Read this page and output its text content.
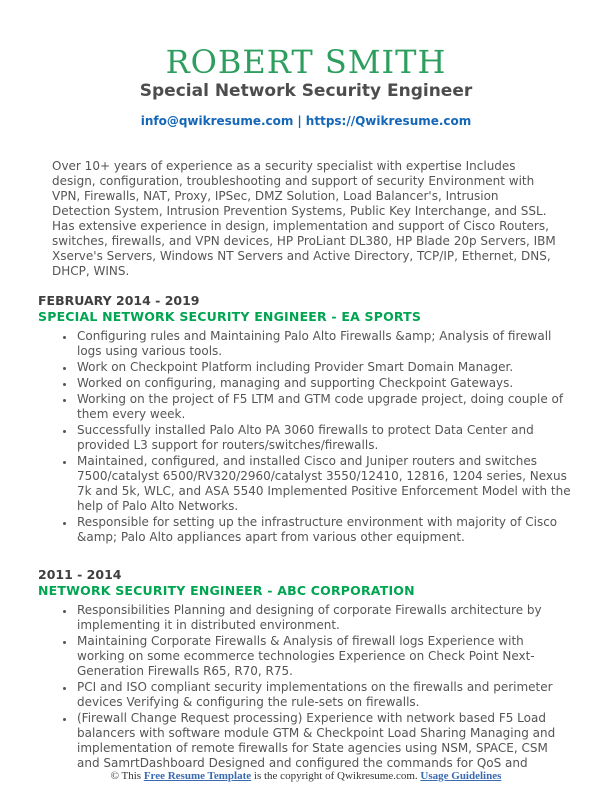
ROBERT SMITH
Special Network Security Engineer
info@qwikresume.com | https://Qwikresume.com

Over 10+ years of experience as a security specialist with expertise Includes design, configuration, troubleshooting and support of security Environment with VPN, Firewalls, NAT, Proxy, IPSec, DMZ Solution, Load Balancer's, Intrusion Detection System, Intrusion Prevention Systems, Public Key Interchange, and SSL. Has extensive experience in design, implementation and support of Cisco Routers, switches, firewalls, and VPN devices, HP ProLiant DL380, HP Blade 20p Servers, IBM Xserve's Servers, Windows NT Servers and Active Directory, TCP/IP, Ethernet, DNS, DHCP, WINS.

FEBRUARY 2014 - 2019
SPECIAL NETWORK SECURITY ENGINEER - EA SPORTS
• Configuring rules and Maintaining Palo Alto Firewalls &amp; Analysis of firewall logs using various tools.
• Work on Checkpoint Platform including Provider Smart Domain Manager.
• Worked on configuring, managing and supporting Checkpoint Gateways.
• Working on the project of F5 LTM and GTM code upgrade project, doing couple of them every week.
• Successfully installed Palo Alto PA 3060 firewalls to protect Data Center and provided L3 support for routers/switches/firewalls.
• Maintained, configured, and installed Cisco and Juniper routers and switches 7500/catalyst 6500/RV320/2960/catalyst 3550/12410, 12816, 1204 series, Nexus 7k and 5k, WLC, and ASA 5540 Implemented Positive Enforcement Model with the help of Palo Alto Networks.
• Responsible for setting up the infrastructure environment with majority of Cisco &amp; Palo Alto appliances apart from various other equipment.
2011 - 2014
NETWORK SECURITY ENGINEER - ABC CORPORATION
• Responsibilities Planning and designing of corporate Firewalls architecture by implementing it in distributed environment.
• Maintaining Corporate Firewalls & Analysis of firewall logs Experience with working on some ecommerce technologies Experience on Check Point Next-Generation Firewalls R65, R70, R75.
• PCI and ISO compliant security implementations on the firewalls and perimeter devices Verifying & configuring the rule-sets on firewalls.
• (Firewall Change Request processing) Experience with network based F5 Load balancers with software module GTM & Checkpoint Load Sharing Managing and implementation of remote firewalls for State agencies using NSM, SPACE, CSM and SamrtDashboard Designed and configured the commands for QoS and
© This Free Resume Template is the copyright of Qwikresume.com. Usage Guidelines
